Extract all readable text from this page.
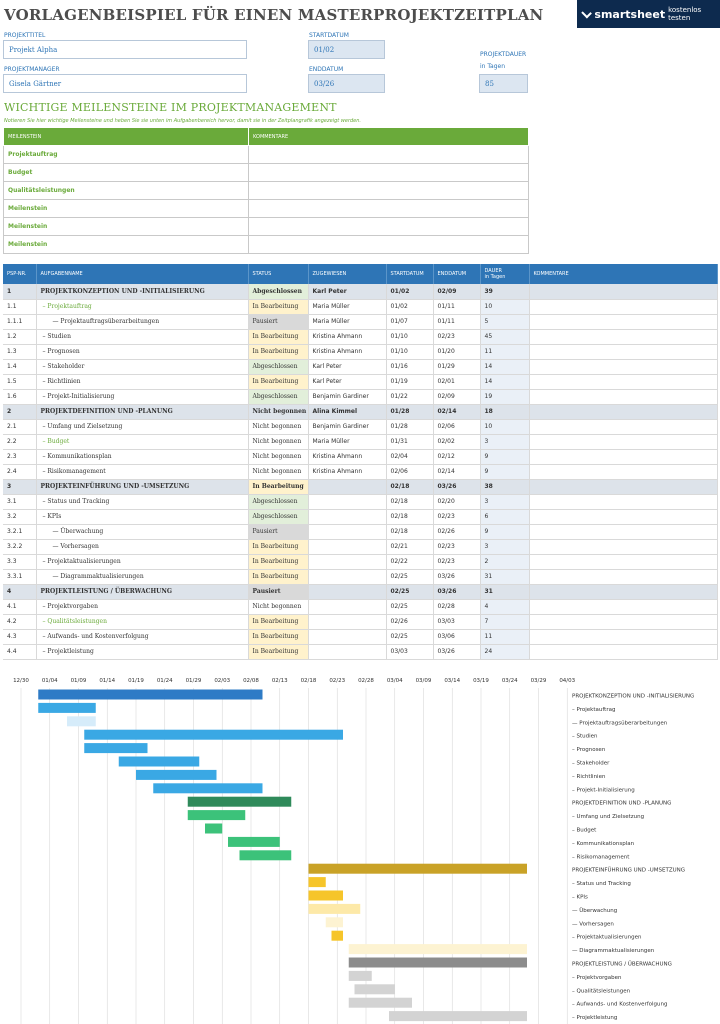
VORLAGENBEISPIEL FÜR EINEN MASTERPROJEKTZEITPLAN	smartsheet kostenlos testen
PROJEKTTITEL
Projekt Alpha
PROJEKTMANAGER
Gisela Gärtner
STARTDATUM
01/02
ENDDATUM
03/26
PROJEKTDAUER
in Tagen
85
WICHTIGE MEILENSTEINE IM PROJEKTMANAGEMENT
Notieren Sie hier wichtige Meilensteine und heben Sie sie unten im Aufgabenbereich hervor, damit sie in der Zeitplangrafik angezeigt werden.
MEILENSTEIN	KOMMENTARE
Projektauftrag	
Budget	
Qualitätsleistungen	
Meilenstein	
Meilenstein	
Meilenstein	
PSP-NR.	AUFGABENNAME	STATUS	ZUGEWIESEN	STARTDATUM	ENDDATUM	DAUER
in Tagen	KOMMENTARE
1	PROJEKTKONZEPTION UND -INITIALISIERUNG	Abgeschlossen	Karl Peter	01/02	02/09	39	
1.1	– Projektauftrag	In Bearbeitung	Maria Müller	01/02	01/11	10	
1.1.1	— Projektauftragsüberarbeitungen	Pausiert	Maria Müller	01/07	01/11	5	
1.2	– Studien	In Bearbeitung	Kristina Ahmann	01/10	02/23	45	
1.3	– Prognosen	In Bearbeitung	Kristina Ahmann	01/10	01/20	11	
1.4	– Stakeholder	Abgeschlossen	Karl Peter	01/16	01/29	14	
1.5	– Richtlinien	In Bearbeitung	Karl Peter	01/19	02/01	14	
1.6	– Projekt-Initialisierung	Abgeschlossen	Benjamin Gardiner	01/22	02/09	19	
2	PROJEKTDEFINITION UND -PLANUNG	Nicht begonnen	Alina Kimmel	01/28	02/14	18	
2.1	– Umfang und Zielsetzung	Nicht begonnen	Benjamin Gardiner	01/28	02/06	10	
2.2	– Budget	Nicht begonnen	Maria Müller	01/31	02/02	3	
2.3	– Kommunikationsplan	Nicht begonnen	Kristina Ahmann	02/04	02/12	9	
2.4	– Risikomanagement	Nicht begonnen	Kristina Ahmann	02/06	02/14	9	
3	PROJEKTEINFÜHRUNG UND -UMSETZUNG	In Bearbeitung		02/18	03/26	38	
3.1	– Status und Tracking	Abgeschlossen		02/18	02/20	3	
3.2	– KPIs	Abgeschlossen		02/18	02/23	6	
3.2.1	— Überwachung	Pausiert		02/18	02/26	9	
3.2.2	— Vorhersagen	In Bearbeitung		02/21	02/23	3	
3.3	– Projektaktualisierungen	In Bearbeitung		02/22	02/23	2	
3.3.1	— Diagrammaktualisierungen	In Bearbeitung		02/25	03/26	31	
4	PROJEKTLEISTUNG / ÜBERWACHUNG	Pausiert		02/25	03/26	31	
4.1	– Projektvorgaben	Nicht begonnen		02/25	02/28	4	
4.2	– Qualitätsleistungen	In Bearbeitung		02/26	03/03	7	
4.3	– Aufwands- und Kostenverfolgung	In Bearbeitung		02/25	03/06	11	
4.4	– Projektleistung	In Bearbeitung		03/03	03/26	24	
12/30 01/04 01/09 01/14 01/19 01/24 01/29 02/03 02/08 02/13 02/18 02/23 02/28 03/04 03/09 03/14 03/19 03/24 03/29 04/03
PROJEKTKONZEPTION UND -INITIALISIERUNG
– Projektauftrag
— Projektauftragsüberarbeitungen
– Studien
– Prognosen
– Stakeholder
– Richtlinien
– Projekt-Initialisierung
PROJEKTDEFINITION UND -PLANUNG
– Umfang und Zielsetzung
– Budget
– Kommunikationsplan
– Risikomanagement
PROJEKTEINFÜHRUNG UND -UMSETZUNG
– Status und Tracking
– KPIs
— Überwachung
— Vorhersagen
– Projektaktualisierungen
— Diagrammaktualisierungen
PROJEKTLEISTUNG / ÜBERWACHUNG
– Projektvorgaben
– Qualitätsleistungen
– Aufwands- und Kostenverfolgung
– Projektleistung
